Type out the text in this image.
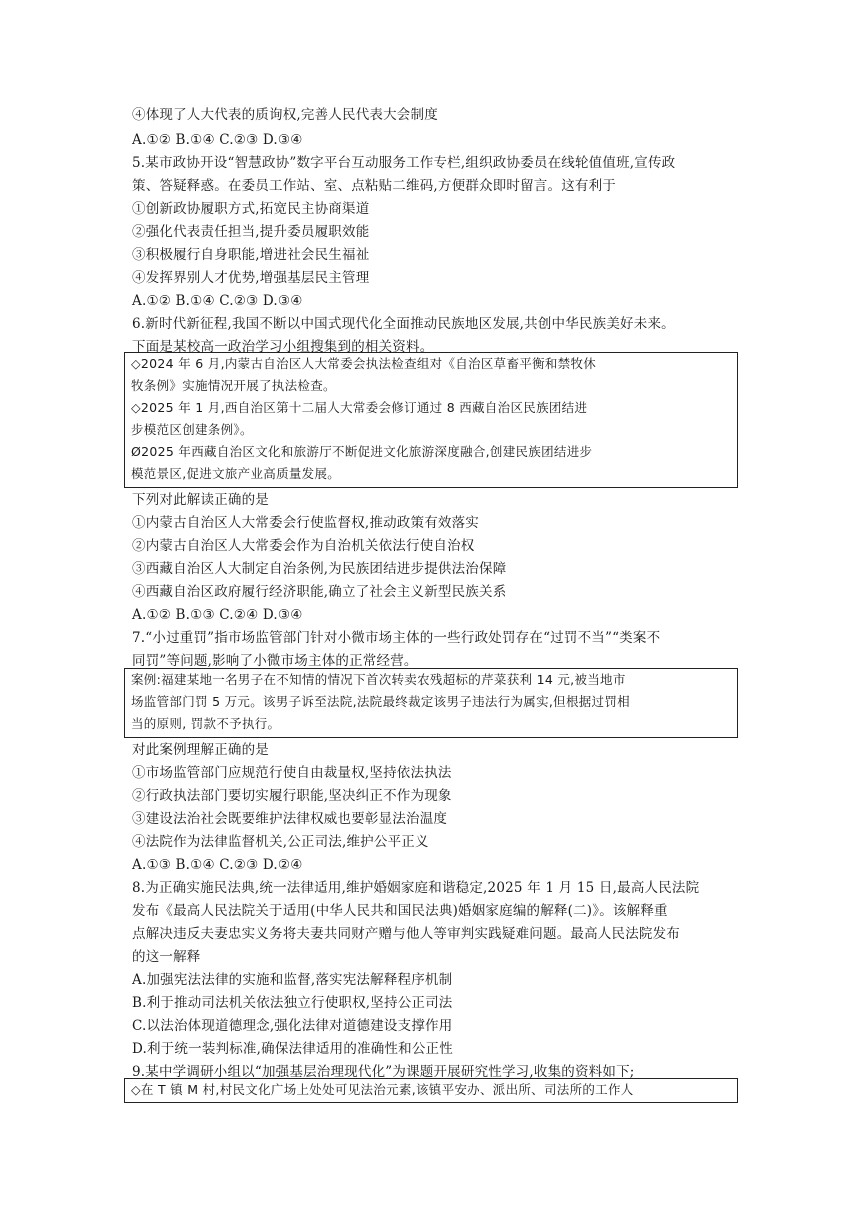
④体现了人大代表的质询权,完善人民代表大会制度
A.①② B.①④ C.②③ D.③④
5.某市政协开设“智慧政协”数字平台互动服务工作专栏,组织政协委员在线轮值值班,宣传政
策、答疑释惑。在委员工作站、室、点粘贴二维码,方便群众即时留言。这有利于
①创新政协履职方式,拓宽民主协商渠道
②强化代表责任担当,提升委员履职效能
③积极履行自身职能,增进社会民生福祉
④发挥界别人才优势,增强基层民主管理
A.①② B.①④ C.②③ D.③④
6.新时代新征程,我国不断以中国式现代化全面推动民族地区发展,共创中华民族美好未来。
下面是某校高一政治学习小组搜集到的相关资料。
◇2024 年 6 月,内蒙古自治区人大常委会执法检查组对《自治区草畜平衡和禁牧休
牧条例》实施情况开展了执法检查。
◇2025 年 1 月,西自治区第十二届人大常委会修订通过 8 西藏自治区民族团结进
步模范区创建条例》。
Ø2025 年西藏自治区文化和旅游厅不断促进文化旅游深度融合,创建民族团结进步
模范景区,促进文旅产业高质量发展。
下列对此解读正确的是
①内蒙古自治区人大常委会行使监督权,推动政策有效落实
②内蒙古自治区人大常委会作为自治机关依法行使自治权
③西藏自治区人大制定自治条例,为民族团结进步提供法治保障
④西藏自治区政府履行经济职能,确立了社会主义新型民族关系
A.①② B.①③ C.②④ D.③④
7.“小过重罚”指市场监管部门针对小微市场主体的一些行政处罚存在“过罚不当”“类案不
同罚”等问题,影响了小微市场主体的正常经营。
案例:福建某地一名男子在不知情的情况下首次转卖农残超标的芹菜获利 14 元,被当地市
场监管部门罚 5 万元。该男子诉至法院,法院最终裁定该男子违法行为属实,但根据过罚相
当的原则, 罚款不予执行。
对此案例理解正确的是
①市场监管部门应规范行使自由裁量权,坚持依法执法
②行政执法部门要切实履行职能,坚决纠正不作为现象
③建设法治社会既要维护法律权威也要彰显法治温度
④法院作为法律监督机关,公正司法,维护公平正义
A.①③ B.①④ C.②③ D.②④
8.为正确实施民法典,统一法律适用,维护婚姻家庭和谐稳定,2025 年 1 月 15 日,最高人民法院
发布《最高人民法院关于适用(中华人民共和国民法典)婚姻家庭编的解释(二)》。该解释重
点解决违反夫妻忠实义务将夫妻共同财产赠与他人等审判实践疑难问题。最高人民法院发布
的这一解释
A.加强宪法法律的实施和监督,落实宪法解释程序机制
B.利于推动司法机关依法独立行使职权,坚持公正司法
C.以法治体现道德理念,强化法律对道德建设支撑作用
D.利于统一装判标准,确保法律适用的准确性和公正性
9.某中学调研小组以“加强基层治理现代化”为课题开展研究性学习,收集的资料如下;
◇在 T 镇 M 村,村民文化广场上处处可见法治元素,该镇平安办、派出所、司法所的工作人
